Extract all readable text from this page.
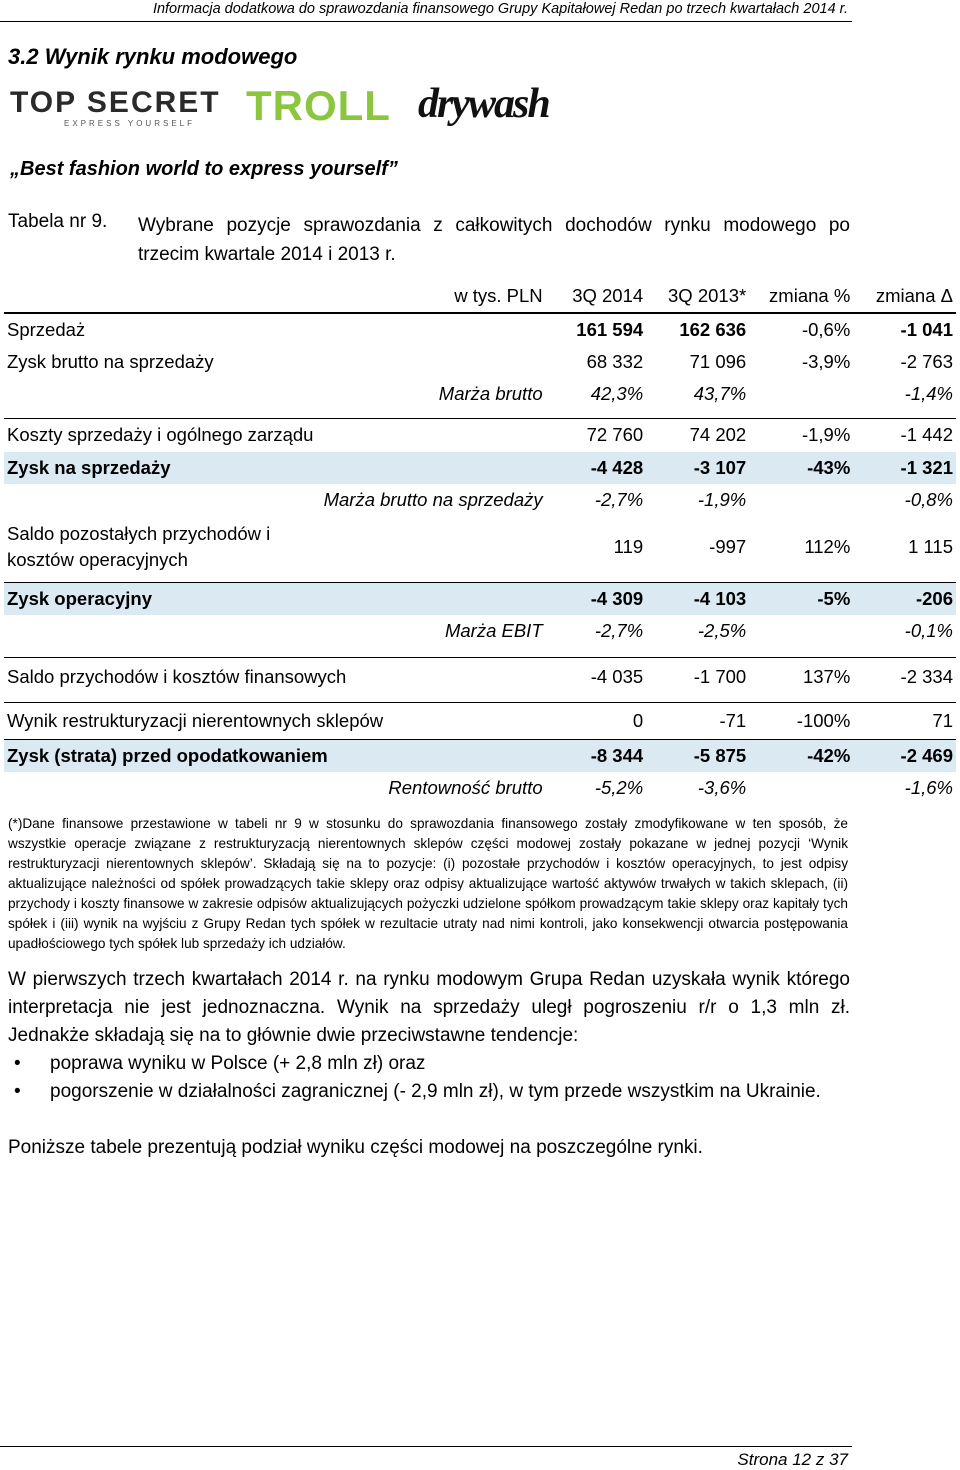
Informacja dodatkowa do sprawozdania finansowego Grupy Kapitałowej Redan po trzech kwartałach 2014 r.
3.2 Wynik rynku modowego
TOP SECRET
EXPRESS YOURSELF TROLL drywash
„Best fashion world to express yourself”
Tabela nr 9. Wybrane pozycje sprawozdania z całkowitych dochodów rynku modowego po trzecim kwartale 2014 i 2013 r.
	w tys. PLN	3Q 2014	3Q 2013*	zmiana %	zmiana Δ
Sprzedaż		161 594	162 636	-0,6%	-1 041
Zysk brutto na sprzedaży		68 332	71 096	-3,9%	-2 763
Marża brutto		42,3%	43,7%		-1,4%

Koszty sprzedaży i ogólnego zarządu		72 760	74 202	-1,9%	-1 442
Zysk na sprzedaży		-4 428	-3 107	-43%	-1 321
Marża brutto na sprzedaży		-2,7%	-1,9%		-0,8%
Saldo pozostałych przychodów i kosztów operacyjnych		119	-997	112%	1 115

Zysk operacyjny		-4 309	-4 103	-5%	-206
Marża EBIT		-2,7%	-2,5%		-0,1%

Saldo przychodów i kosztów finansowych		-4 035	-1 700	137%	-2 334

Wynik restrukturyzacji nierentownych sklepów		0	-71	-100%	71
Zysk (strata) przed opodatkowaniem		-8 344	-5 875	-42%	-2 469
Rentowność brutto		-5,2%	-3,6%		-1,6%
(*)Dane finansowe przestawione w tabeli nr 9 w stosunku do sprawozdania finansowego zostały zmodyfikowane w ten sposób, że wszystkie operacje związane z restrukturyzacją nierentownych sklepów części modowej zostały pokazane w jednej pozycji ‘Wynik restrukturyzacji nierentownych sklepów’. Składają się na to pozycje: (i) pozostałe przychodów i kosztów operacyjnych, to jest odpisy aktualizujące należności od spółek prowadzących takie sklepy oraz odpisy aktualizujące wartość aktywów trwałych w takich sklepach, (ii) przychody i koszty finansowe w zakresie odpisów aktualizujących pożyczki udzielone spółkom prowadzącym takie sklepy oraz kapitały tych spółek i (iii) wynik na wyjściu z Grupy Redan tych spółek w rezultacie utraty nad nimi kontroli, jako konsekwencji otwarcia postępowania upadłościowego tych spółek lub sprzedaży ich udziałów.
W pierwszych trzech kwartałach 2014 r. na rynku modowym Grupa Redan uzyskała wynik którego interpretacja nie jest jednoznaczna. Wynik na sprzedaży uległ pogroszeniu r/r o 1,3 mln zł. Jednakże składają się na to głównie dwie przeciwstawne tendencje:
• poprawa wyniku w Polsce (+ 2,8 mln zł) oraz
• pogorszenie w działalności zagranicznej (- 2,9 mln zł), w tym przede wszystkim na Ukrainie.
Poniższe tabele prezentują podział wyniku części modowej na poszczególne rynki.
Strona 12 z 37
